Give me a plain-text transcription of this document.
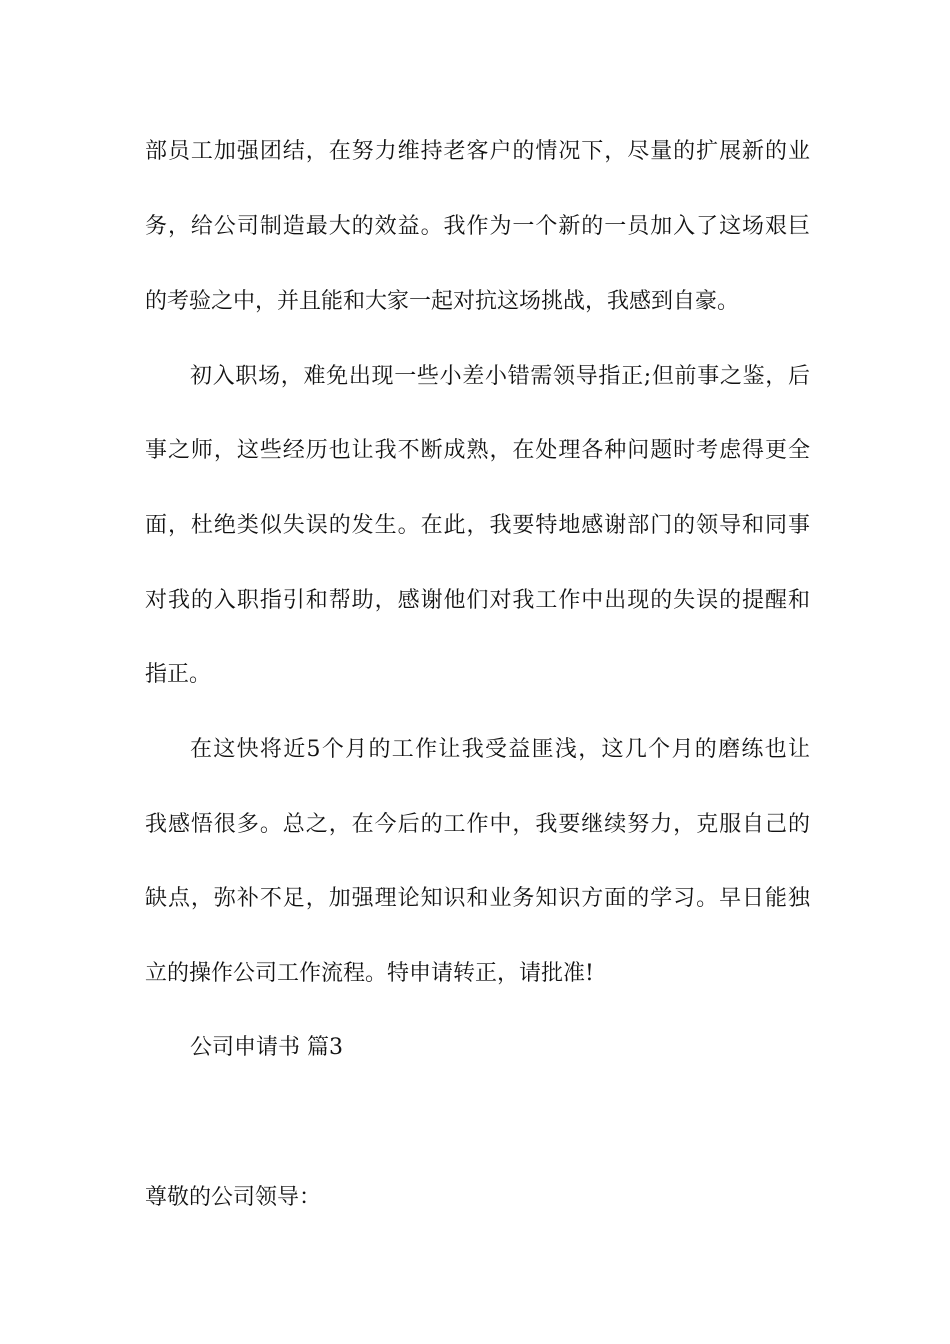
部员工加强团结，在努力维持老客户的情况下，尽量的扩展新的业
务，给公司制造最大的效益。我作为一个新的一员加入了这场艰巨
的考验之中，并且能和大家一起对抗这场挑战，我感到自豪。
初入职场，难免出现一些小差小错需领导指正;但前事之鉴，后
事之师，这些经历也让我不断成熟，在处理各种问题时考虑得更全
面，杜绝类似失误的发生。在此，我要特地感谢部门的领导和同事
对我的入职指引和帮助，感谢他们对我工作中出现的失误的提醒和
指正。
在这快将近5个月的工作让我受益匪浅，这几个月的磨练也让
我感悟很多。总之，在今后的工作中，我要继续努力，克服自己的
缺点，弥补不足，加强理论知识和业务知识方面的学习。早日能独
立的操作公司工作流程。特申请转正，请批准!
公司申请书 篇3
尊敬的公司领导：
